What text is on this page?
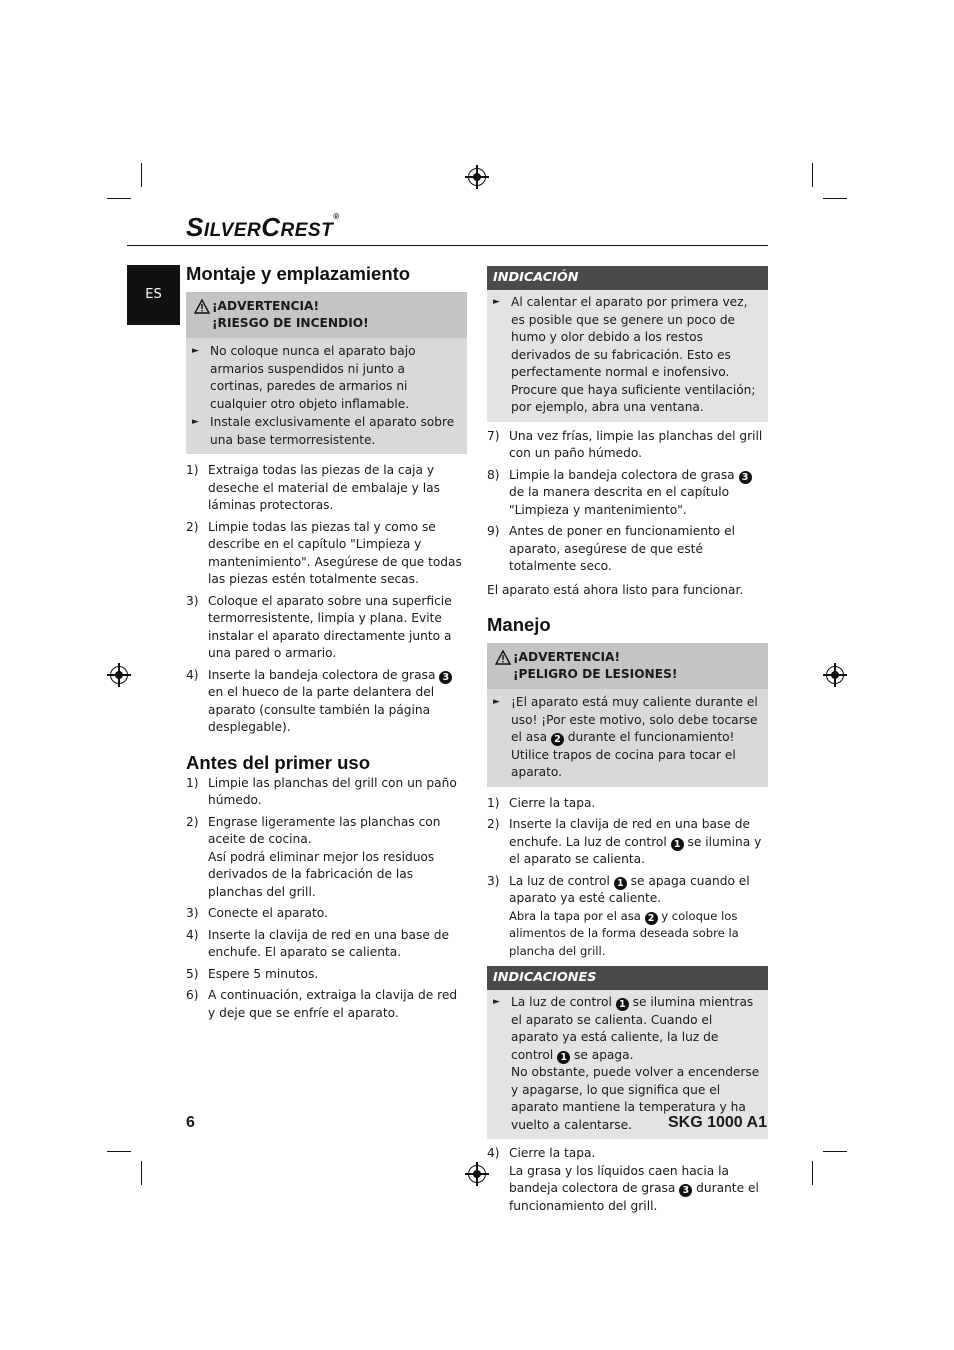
SILVERCREST®
ES
Montaje y emplazamiento
¡ADVERTENCIA!
¡RIESGO DE INCENDIO!
► No coloque nunca el aparato bajo armarios suspendidos ni junto a cortinas, paredes de armarios ni cualquier otro objeto inflamable.
► Instale exclusivamente el aparato sobre una base termorresistente.
1) Extraiga todas las piezas de la caja y deseche el material de embalaje y las láminas protectoras.
2) Limpie todas las piezas tal y como se describe en el capítulo "Limpieza y mantenimiento". Asegúrese de que todas las piezas estén totalmente secas.
3) Coloque el aparato sobre una superficie termorresistente, limpia y plana. Evite instalar el aparato directamente junto a una pared o armario.
4) Inserte la bandeja colectora de grasa 3 en el hueco de la parte delantera del aparato (consulte también la página desplegable).
Antes del primer uso
1) Limpie las planchas del grill con un paño húmedo.
2) Engrase ligeramente las planchas con aceite de cocina.
Así podrá eliminar mejor los residuos derivados de la fabricación de las planchas del grill.
3) Conecte el aparato.
4) Inserte la clavija de red en una base de enchufe. El aparato se calienta.
5) Espere 5 minutos.
6) A continuación, extraiga la clavija de red y deje que se enfríe el aparato.
INDICACIÓN
► Al calentar el aparato por primera vez, es posible que se genere un poco de humo y olor debido a los restos derivados de su fabricación. Esto es perfectamente normal e inofensivo. Procure que haya suficiente ventilación; por ejemplo, abra una ventana.
7) Una vez frías, limpie las planchas del grill con un paño húmedo.
8) Limpie la bandeja colectora de grasa 3 de la manera descrita en el capítulo "Limpieza y mantenimiento".
9) Antes de poner en funcionamiento el aparato, asegúrese de que esté totalmente seco.
El aparato está ahora listo para funcionar.
Manejo
¡ADVERTENCIA!
¡PELIGRO DE LESIONES!
► ¡El aparato está muy caliente durante el uso! ¡Por este motivo, solo debe tocarse el asa 2 durante el funcionamiento! Utilice trapos de cocina para tocar el aparato.
1) Cierre la tapa.
2) Inserte la clavija de red en una base de enchufe. La luz de control 1 se ilumina y el aparato se calienta.
3) La luz de control 1 se apaga cuando el aparato ya esté caliente.
Abra la tapa por el asa 2 y coloque los alimentos de la forma deseada sobre la plancha del grill.
INDICACIONES
► La luz de control 1 se ilumina mientras el aparato se calienta. Cuando el aparato ya está caliente, la luz de control 1 se apaga.
No obstante, puede volver a encenderse y apagarse, lo que significa que el aparato mantiene la temperatura y ha vuelto a calentarse.
4) Cierre la tapa.
La grasa y los líquidos caen hacia la bandeja colectora de grasa 3 durante el funcionamiento del grill.
6	SKG 1000 A1
